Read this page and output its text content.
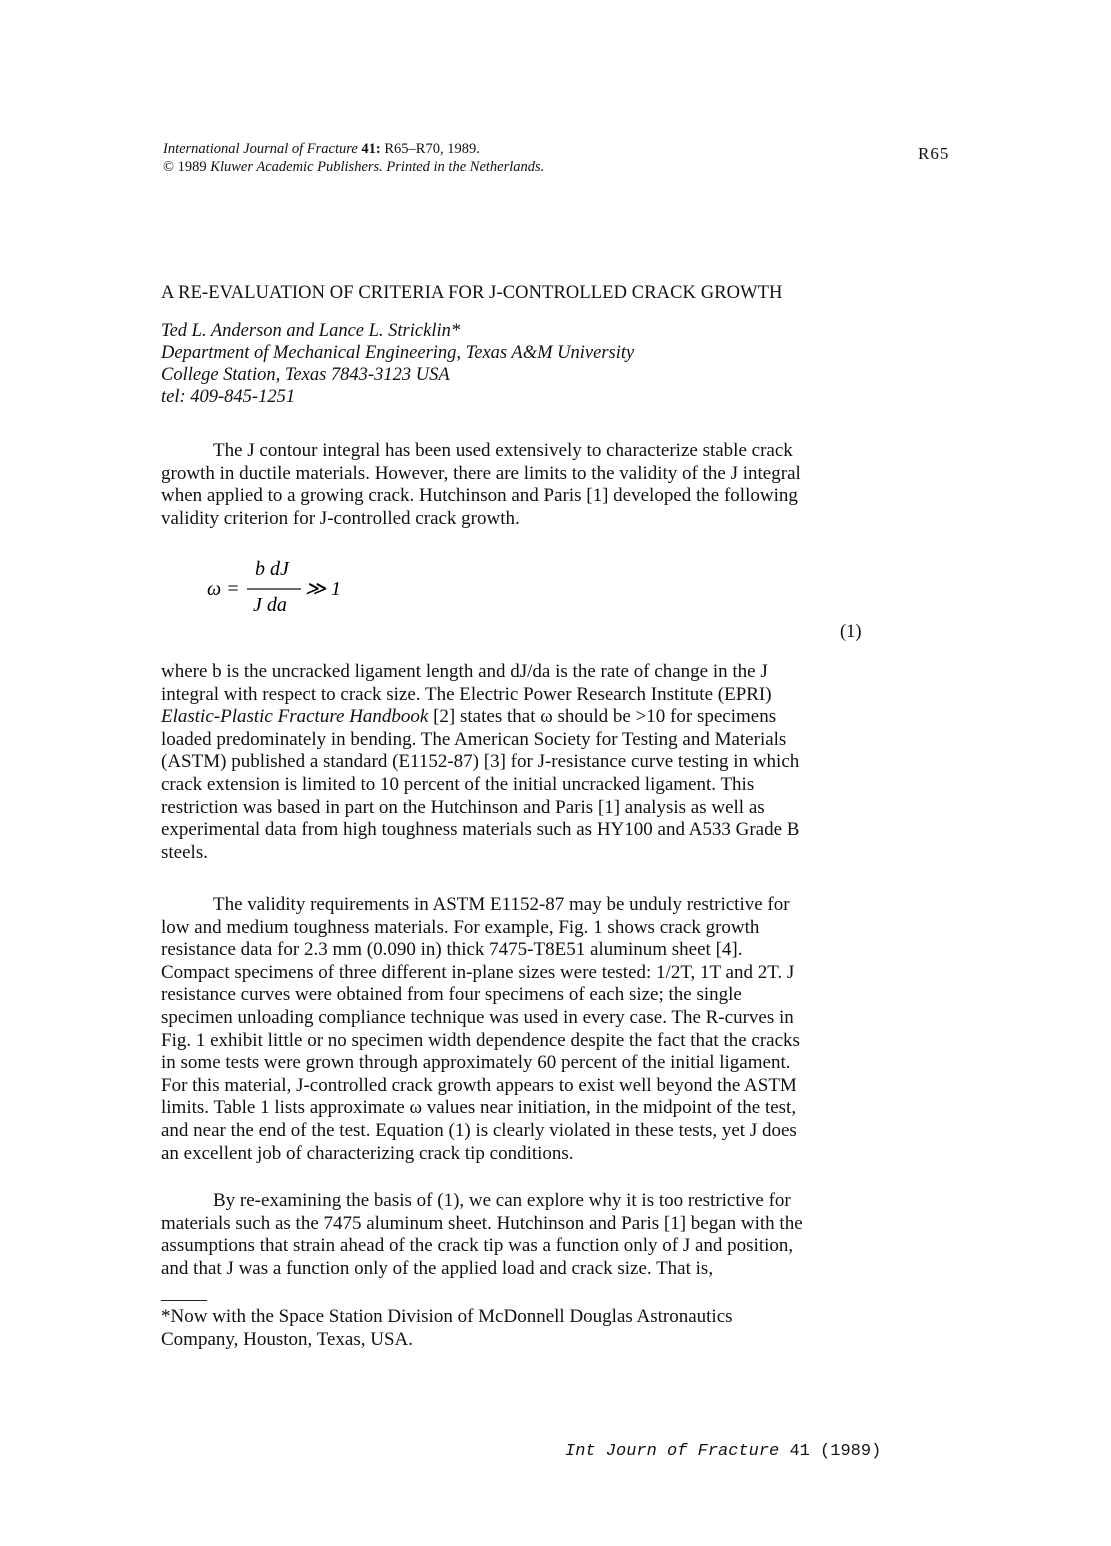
International Journal of Fracture 41: R65–R70, 1989.
© 1989 Kluwer Academic Publishers. Printed in the Netherlands.
R65
A RE-EVALUATION OF CRITERIA FOR J-CONTROLLED CRACK GROWTH
Ted L. Anderson and Lance L. Stricklin*
Department of Mechanical Engineering, Texas A&M University
College Station, Texas 7843-3123 USA
tel: 409-845-1251
The J contour integral has been used extensively to characterize stable crack
growth in ductile materials. However, there are limits to the validity of the J integral
when applied to a growing crack. Hutchinson and Paris [1] developed the following
validity criterion for J-controlled crack growth.
ω =
b dJ
J da
≫ 1
(1)
where b is the uncracked ligament length and dJ/da is the rate of change in the J
integral with respect to crack size. The Electric Power Research Institute (EPRI)
Elastic-Plastic Fracture Handbook [2] states that ω should be >10 for specimens
loaded predominately in bending. The American Society for Testing and Materials
(ASTM) published a standard (E1152-87) [3] for J-resistance curve testing in which
crack extension is limited to 10 percent of the initial uncracked ligament. This
restriction was based in part on the Hutchinson and Paris [1] analysis as well as
experimental data from high toughness materials such as HY100 and A533 Grade B
steels.
The validity requirements in ASTM E1152-87 may be unduly restrictive for
low and medium toughness materials. For example, Fig. 1 shows crack growth
resistance data for 2.3 mm (0.090 in) thick 7475-T8E51 aluminum sheet [4].
Compact specimens of three different in-plane sizes were tested: 1/2T, 1T and 2T. J
resistance curves were obtained from four specimens of each size; the single
specimen unloading compliance technique was used in every case. The R-curves in
Fig. 1 exhibit little or no specimen width dependence despite the fact that the cracks
in some tests were grown through approximately 60 percent of the initial ligament.
For this material, J-controlled crack growth appears to exist well beyond the ASTM
limits. Table 1 lists approximate ω values near initiation, in the midpoint of the test,
and near the end of the test. Equation (1) is clearly violated in these tests, yet J does
an excellent job of characterizing crack tip conditions.
By re-examining the basis of (1), we can explore why it is too restrictive for
materials such as the 7475 aluminum sheet. Hutchinson and Paris [1] began with the
assumptions that strain ahead of the crack tip was a function only of J and position,
and that J was a function only of the applied load and crack size. That is,
*Now with the Space Station Division of McDonnell Douglas Astronautics
Company, Houston, Texas, USA.
Int Journ of Fracture 41 (1989)
